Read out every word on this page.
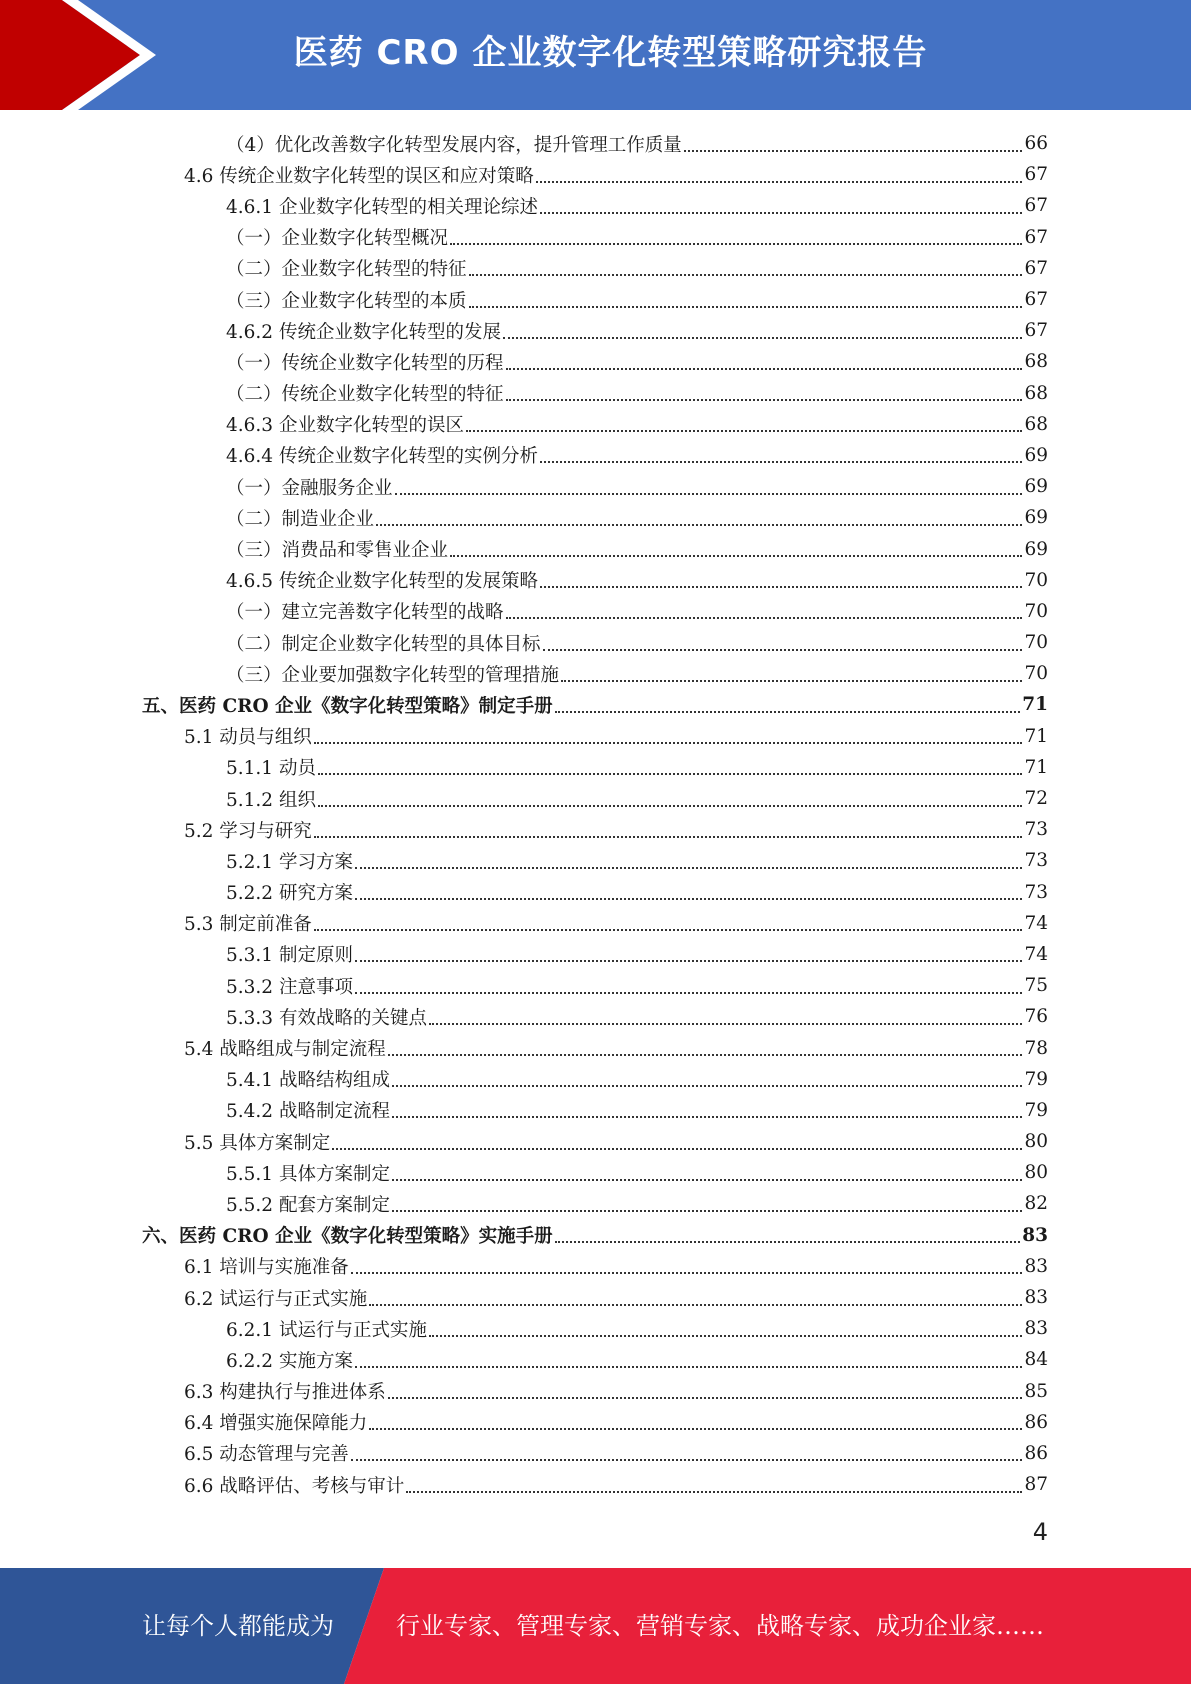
医药 CRO 企业数字化转型策略研究报告
（4）优化改善数字化转型发展内容，提升管理工作质量	66
4.6 传统企业数字化转型的误区和应对策略	67
4.6.1 企业数字化转型的相关理论综述	67
（一）企业数字化转型概况	67
（二）企业数字化转型的特征	67
（三）企业数字化转型的本质	67
4.6.2 传统企业数字化转型的发展	67
（一）传统企业数字化转型的历程	68
（二）传统企业数字化转型的特征	68
4.6.3 企业数字化转型的误区	68
4.6.4 传统企业数字化转型的实例分析	69
（一）金融服务企业	69
（二）制造业企业	69
（三）消费品和零售业企业	69
4.6.5 传统企业数字化转型的发展策略	70
（一）建立完善数字化转型的战略	70
（二）制定企业数字化转型的具体目标	70
（三）企业要加强数字化转型的管理措施	70
五、医药 CRO 企业《数字化转型策略》制定手册	71
5.1 动员与组织	71
5.1.1 动员	71
5.1.2 组织	72
5.2 学习与研究	73
5.2.1 学习方案	73
5.2.2 研究方案	73
5.3 制定前准备	74
5.3.1 制定原则	74
5.3.2 注意事项	75
5.3.3 有效战略的关键点	76
5.4 战略组成与制定流程	78
5.4.1 战略结构组成	79
5.4.2 战略制定流程	79
5.5 具体方案制定	80
5.5.1 具体方案制定	80
5.5.2 配套方案制定	82
六、医药 CRO 企业《数字化转型策略》实施手册	83
6.1 培训与实施准备	83
6.2 试运行与正式实施	83
6.2.1 试运行与正式实施	83
6.2.2 实施方案	84
6.3 构建执行与推进体系	85
6.4 增强实施保障能力	86
6.5 动态管理与完善	86
6.6 战略评估、考核与审计	87
4
让每个人都能成为	行业专家、管理专家、营销专家、战略专家、成功企业家……
